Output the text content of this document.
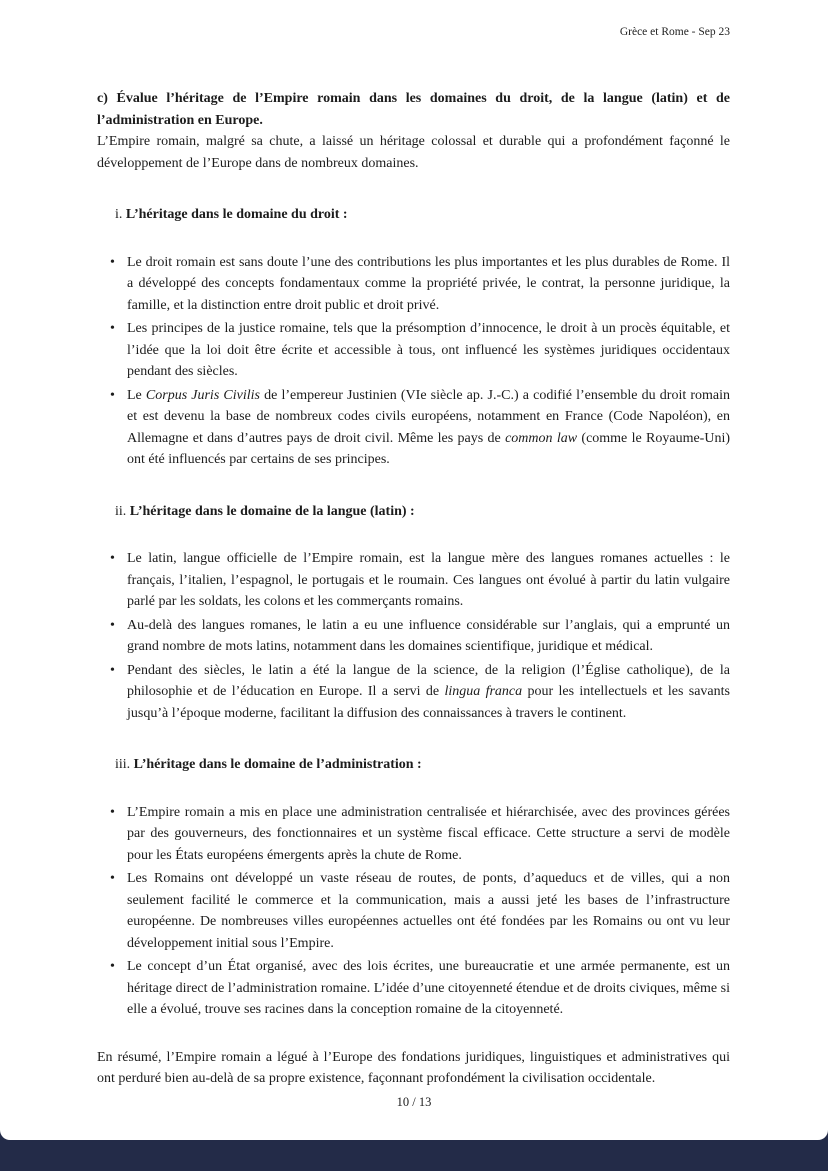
Grèce et Rome - Sep 23

c) Évalue l’héritage de l’Empire romain dans les domaines du droit, de la langue (latin) et de l’administration en Europe.

L’Empire romain, malgré sa chute, a laissé un héritage colossal et durable qui a profondément façonné le développement de l’Europe dans de nombreux domaines.

i. L’héritage dans le domaine du droit :

• Le droit romain est sans doute l’une des contributions les plus importantes et les plus durables de Rome. Il a développé des concepts fondamentaux comme la propriété privée, le contrat, la personne juridique, la famille, et la distinction entre droit public et droit privé.
• Les principes de la justice romaine, tels que la présomption d’innocence, le droit à un procès équitable, et l’idée que la loi doit être écrite et accessible à tous, ont influencé les systèmes juridiques occidentaux pendant des siècles.
• Le Corpus Juris Civilis de l’empereur Justinien (VIe siècle ap. J.-C.) a codifié l’ensemble du droit romain et est devenu la base de nombreux codes civils européens, notamment en France (Code Napoléon), en Allemagne et dans d’autres pays de droit civil. Même les pays de common law (comme le Royaume-Uni) ont été influencés par certains de ses principes.

ii. L’héritage dans le domaine de la langue (latin) :

• Le latin, langue officielle de l’Empire romain, est la langue mère des langues romanes actuelles : le français, l’italien, l’espagnol, le portugais et le roumain. Ces langues ont évolué à partir du latin vulgaire parlé par les soldats, les colons et les commerçants romains.
• Au-delà des langues romanes, le latin a eu une influence considérable sur l’anglais, qui a emprunté un grand nombre de mots latins, notamment dans les domaines scientifique, juridique et médical.
• Pendant des siècles, le latin a été la langue de la science, de la religion (l’Église catholique), de la philosophie et de l’éducation en Europe. Il a servi de lingua franca pour les intellectuels et les savants jusqu’à l’époque moderne, facilitant la diffusion des connaissances à travers le continent.

iii. L’héritage dans le domaine de l’administration :

• L’Empire romain a mis en place une administration centralisée et hiérarchisée, avec des provinces gérées par des gouverneurs, des fonctionnaires et un système fiscal efficace. Cette structure a servi de modèle pour les États européens émergents après la chute de Rome.
• Les Romains ont développé un vaste réseau de routes, de ponts, d’aqueducs et de villes, qui a non seulement facilité le commerce et la communication, mais a aussi jeté les bases de l’infrastructure européenne. De nombreuses villes européennes actuelles ont été fondées par les Romains ou ont vu leur développement initial sous l’Empire.
• Le concept d’un État organisé, avec des lois écrites, une bureaucratie et une armée permanente, est un héritage direct de l’administration romaine. L’idée d’une citoyenneté étendue et de droits civiques, même si elle a évolué, trouve ses racines dans la conception romaine de la citoyenneté.

En résumé, l’Empire romain a légué à l’Europe des fondations juridiques, linguistiques et administratives qui ont perduré bien au-delà de sa propre existence, façonnant profondément la civilisation occidentale.

10 / 13
